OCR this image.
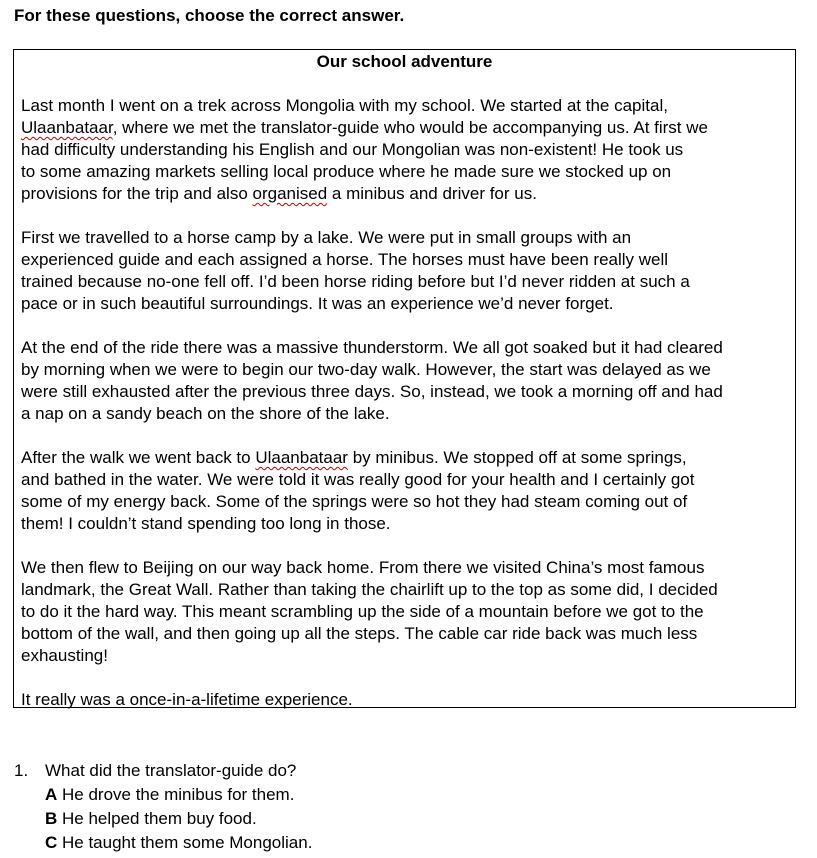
For these questions, choose the correct answer.
Our school adventure
Last month I went on a trek across Mongolia with my school. We started at the capital,
Ulaanbataar, where we met the translator-guide who would be accompanying us. At first we
had difficulty understanding his English and our Mongolian was non-existent! He took us
to some amazing markets selling local produce where he made sure we stocked up on
provisions for the trip and also organised a minibus and driver for us.
First we travelled to a horse camp by a lake. We were put in small groups with an
experienced guide and each assigned a horse. The horses must have been really well
trained because no-one fell off. I’d been horse riding before but I’d never ridden at such a
pace or in such beautiful surroundings. It was an experience we’d never forget.
At the end of the ride there was a massive thunderstorm. We all got soaked but it had cleared
by morning when we were to begin our two-day walk. However, the start was delayed as we
were still exhausted after the previous three days. So, instead, we took a morning off and had
a nap on a sandy beach on the shore of the lake.
After the walk we went back to Ulaanbataar by minibus. We stopped off at some springs,
and bathed in the water. We were told it was really good for your health and I certainly got
some of my energy back. Some of the springs were so hot they had steam coming out of
them! I couldn’t stand spending too long in those.
We then flew to Beijing on our way back home. From there we visited China’s most famous
landmark, the Great Wall. Rather than taking the chairlift up to the top as some did, I decided
to do it the hard way. This meant scrambling up the side of a mountain before we got to the
bottom of the wall, and then going up all the steps. The cable car ride back was much less
exhausting!
It really was a once-in-a-lifetime experience.
1. What did the translator-guide do?
A He drove the minibus for them.
B He helped them buy food.
C He taught them some Mongolian.
